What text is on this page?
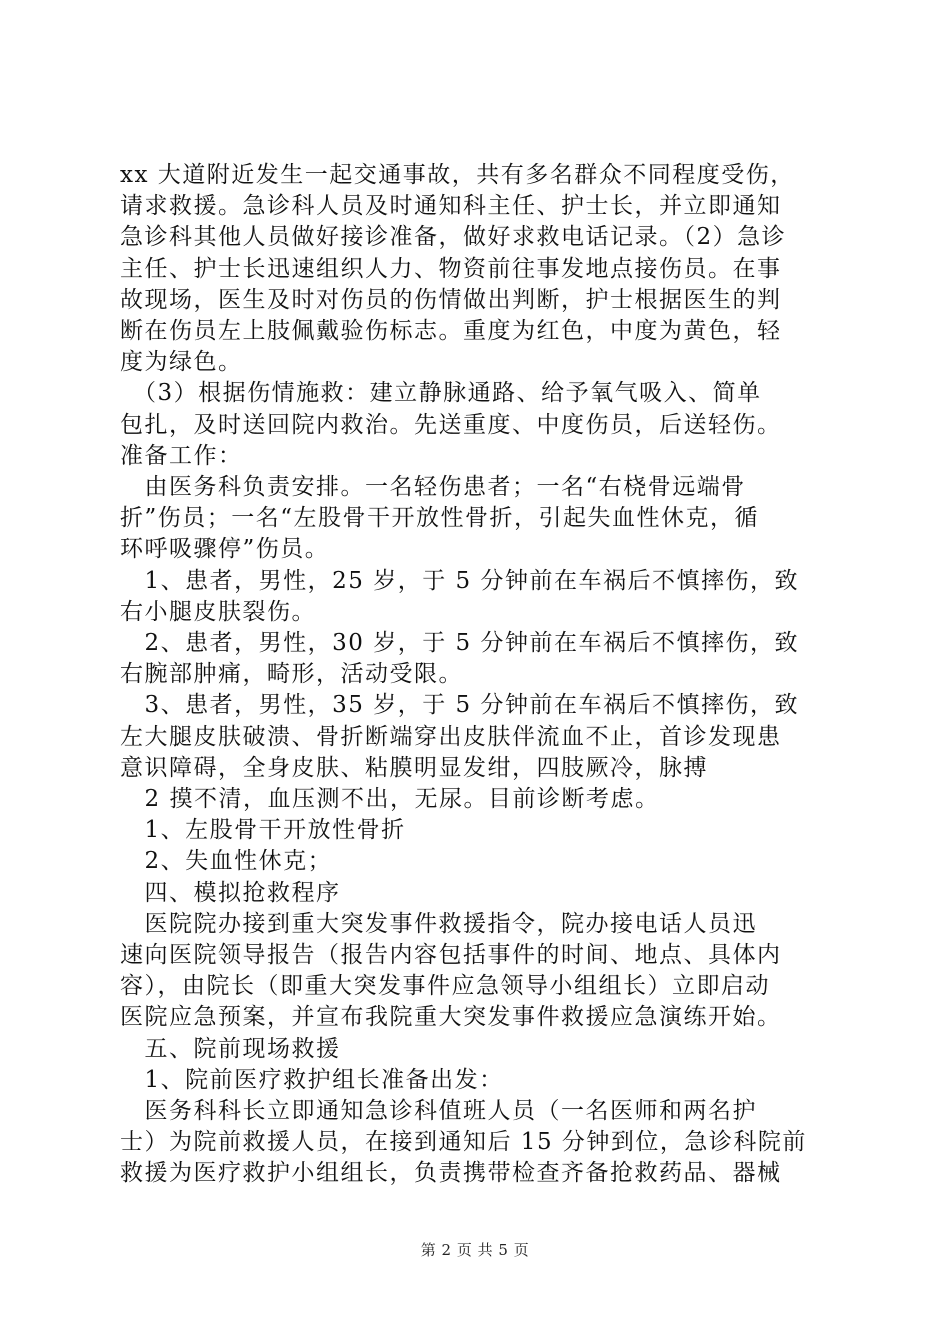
xx 大道附近发生一起交通事故，共有多名群众不同程度受伤，
请求救援。急诊科人员及时通知科主任、护士长，并立即通知
急诊科其他人员做好接诊准备，做好求救电话记录。（2）急诊
主任、护士长迅速组织人力、物资前往事发地点接伤员。在事
故现场，医生及时对伤员的伤情做出判断，护士根据医生的判
断在伤员左上肢佩戴验伤标志。重度为红色，中度为黄色，轻
度为绿色。
　（3）根据伤情施救：建立静脉通路、给予氧气吸入、简单
包扎，及时送回院内救治。先送重度、中度伤员，后送轻伤。
准备工作：
　由医务科负责安排。一名轻伤患者；一名“右桡骨远端骨
折”伤员；一名“左股骨干开放性骨折，引起失血性休克，循
环呼吸骤停”伤员。
　1、患者，男性，25 岁，于 5 分钟前在车祸后不慎摔伤，致
右小腿皮肤裂伤。
　2、患者，男性，30 岁，于 5 分钟前在车祸后不慎摔伤，致
右腕部肿痛，畸形，活动受限。
　3、患者，男性，35 岁，于 5 分钟前在车祸后不慎摔伤，致
左大腿皮肤破溃、骨折断端穿出皮肤伴流血不止，首诊发现患
意识障碍，全身皮肤、粘膜明显发绀，四肢厥冷，脉搏
　2 摸不清，血压测不出，无尿。目前诊断考虑。
　1、左股骨干开放性骨折
　2、失血性休克；
　四、模拟抢救程序
　医院院办接到重大突发事件救援指令，院办接电话人员迅
速向医院领导报告（报告内容包括事件的时间、地点、具体内
容），由院长（即重大突发事件应急领导小组组长）立即启动
医院应急预案，并宣布我院重大突发事件救援应急演练开始。
　五、院前现场救援
　1、院前医疗救护组长准备出发：
　医务科科长立即通知急诊科值班人员（一名医师和两名护
士）为院前救援人员，在接到通知后 15 分钟到位，急诊科院前
救援为医疗救护小组组长，负责携带检查齐备抢救药品、器械
第 2 页 共 5 页
